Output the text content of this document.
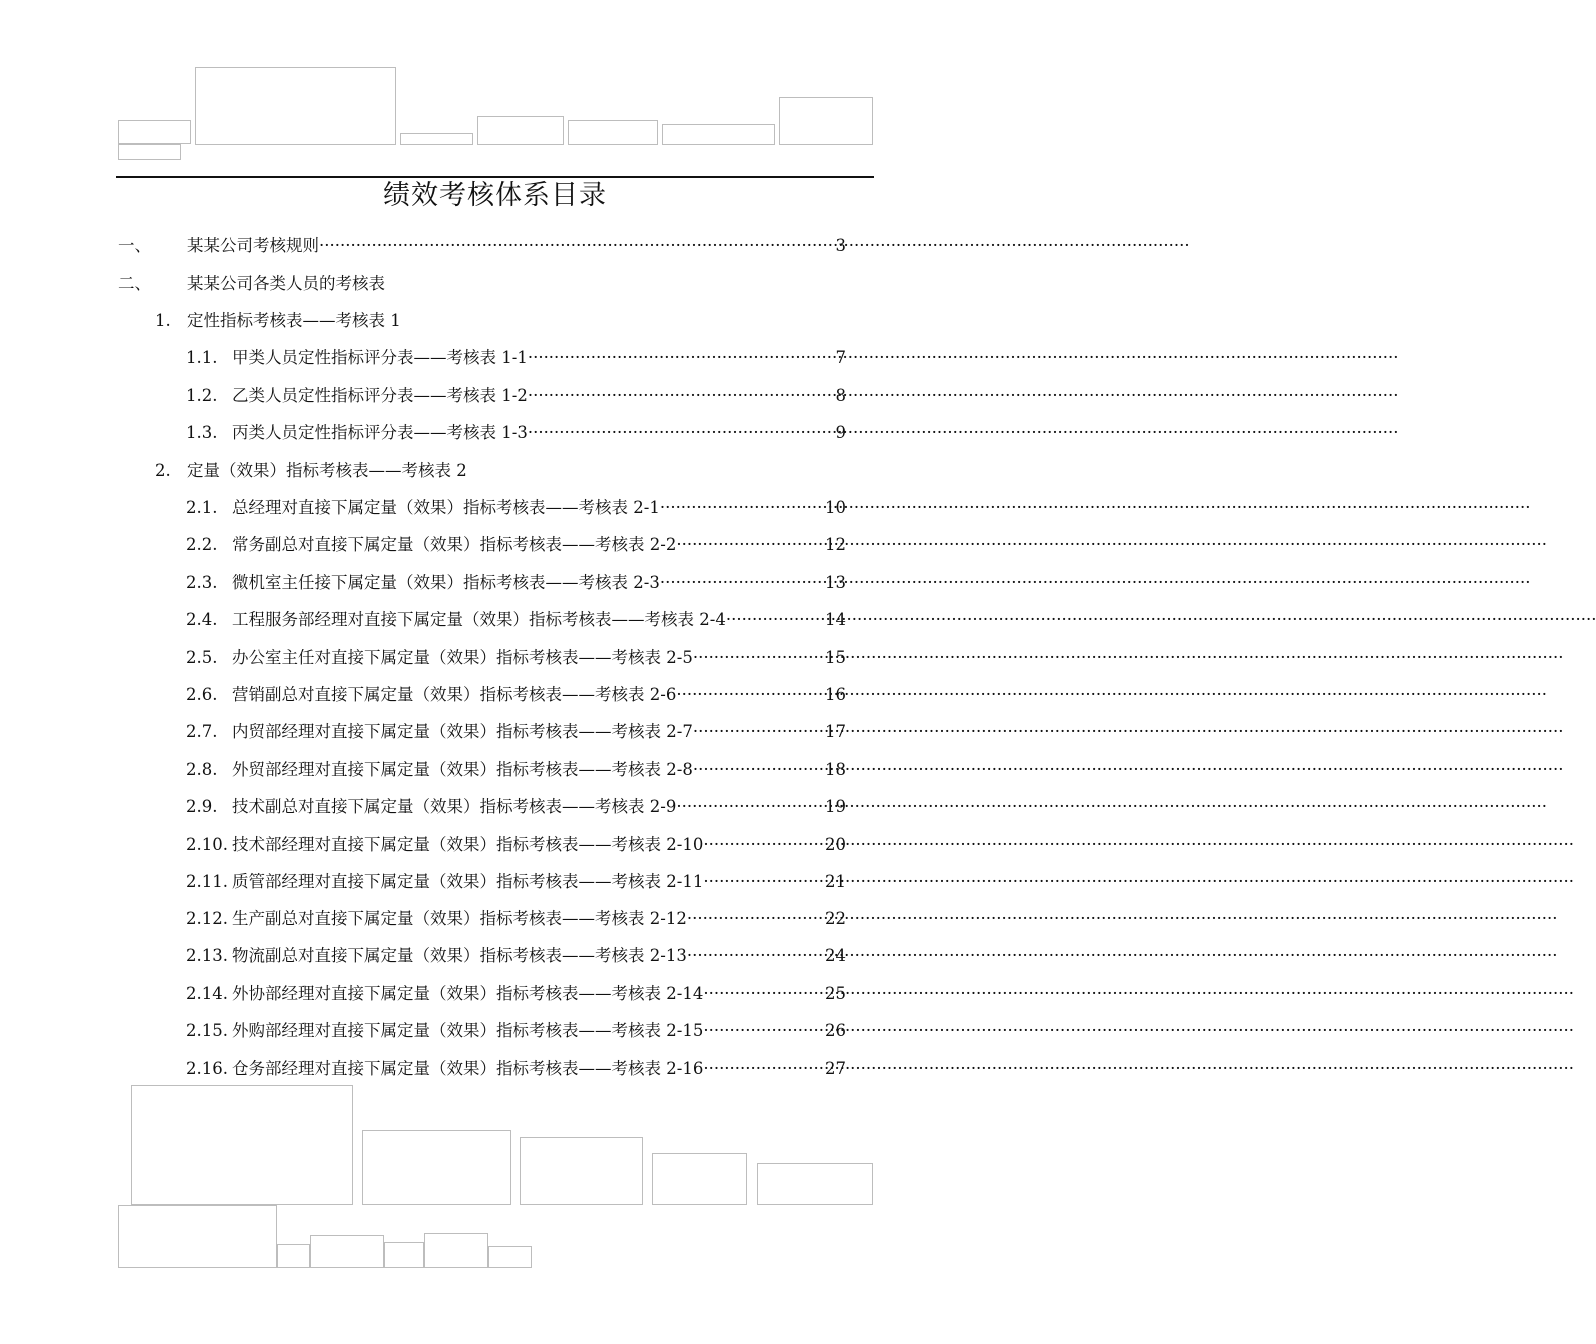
绩效考核体系目录
一、	某某公司考核规则 ·····	3
二、	某某公司各类人员的考核表
1. 定性指标考核表——考核表 1
1.1. 甲类人员定性指标评分表——考核表 1-1 ·····	7
1.2. 乙类人员定性指标评分表——考核表 1-2 ·····	8
1.3. 丙类人员定性指标评分表——考核表 1-3 ·····	9
2. 定量（效果）指标考核表——考核表 2
2.1. 总经理对直接下属定量（效果）指标考核表——考核表 2-1 ·····	10
2.2. 常务副总对直接下属定量（效果）指标考核表——考核表 2-2 ·····	12
2.3. 微机室主任接下属定量（效果）指标考核表——考核表 2-3 ·····	13
2.4. 工程服务部经理对直接下属定量（效果）指标考核表——考核表 2-4 ·····	14
2.5. 办公室主任对直接下属定量（效果）指标考核表——考核表 2-5 ·····	15
2.6. 营销副总对直接下属定量（效果）指标考核表——考核表 2-6 ·····	16
2.7. 内贸部经理对直接下属定量（效果）指标考核表——考核表 2-7 ·····	17
2.8. 外贸部经理对直接下属定量（效果）指标考核表——考核表 2-8 ·····	18
2.9. 技术副总对直接下属定量（效果）指标考核表——考核表 2-9 ·····	19
2.10. 技术部经理对直接下属定量（效果）指标考核表——考核表 2-10 ·····	20
2.11. 质管部经理对直接下属定量（效果）指标考核表——考核表 2-11 ·····	21
2.12. 生产副总对直接下属定量（效果）指标考核表——考核表 2-12 ·····	22
2.13. 物流副总对直接下属定量（效果）指标考核表——考核表 2-13 ·····	24
2.14. 外协部经理对直接下属定量（效果）指标考核表——考核表 2-14 ·····	25
2.15. 外购部经理对直接下属定量（效果）指标考核表——考核表 2-15 ·····	26
2.16. 仓务部经理对直接下属定量（效果）指标考核表——考核表 2-16 ·····	27
